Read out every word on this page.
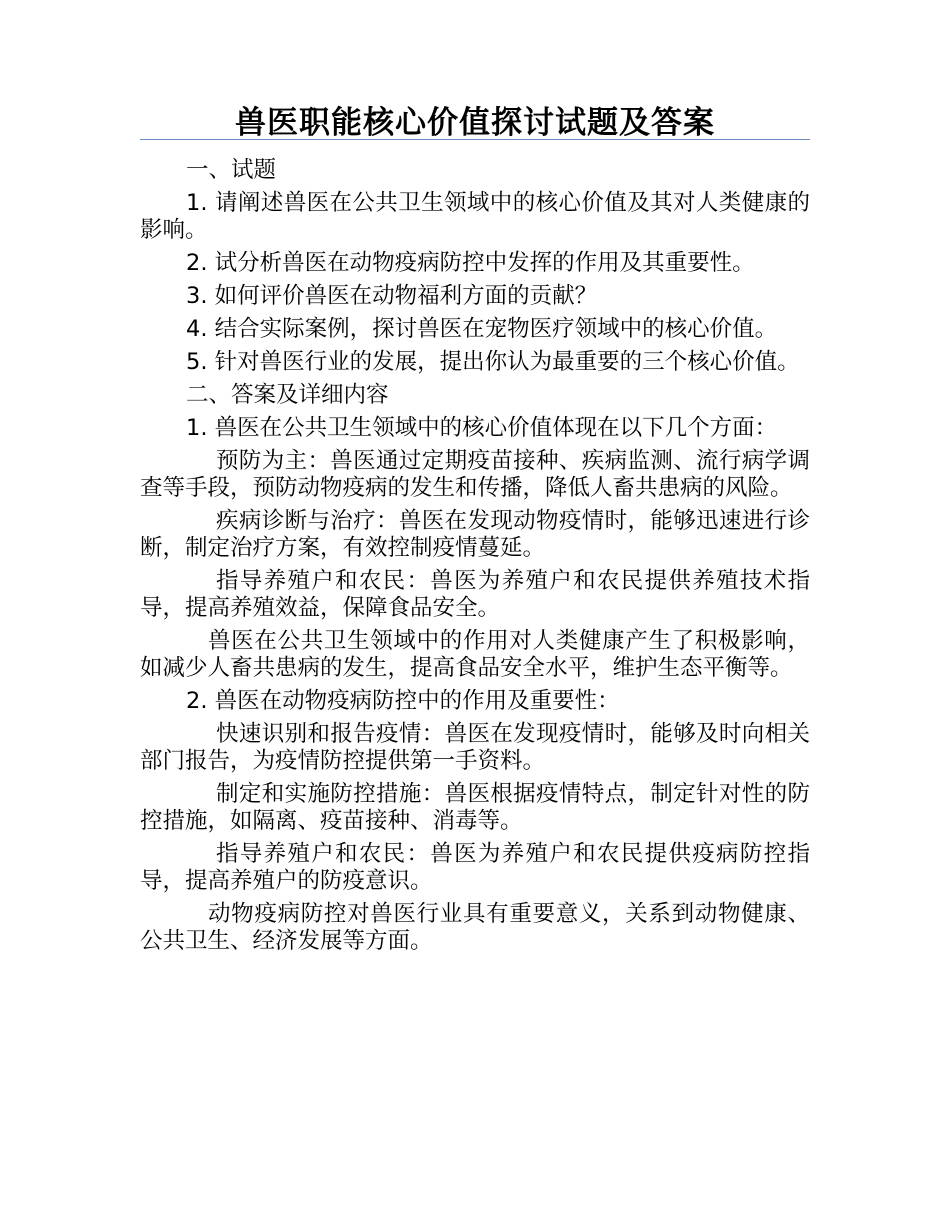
兽医职能核心价值探讨试题及答案

一、试题

1. 请阐述兽医在公共卫生领域中的核心价值及其对人类健康的影响。

2. 试分析兽医在动物疫病防控中发挥的作用及其重要性。

3. 如何评价兽医在动物福利方面的贡献？

4. 结合实际案例，探讨兽医在宠物医疗领域中的核心价值。

5. 针对兽医行业的发展，提出你认为最重要的三个核心价值。

二、答案及详细内容

1. 兽医在公共卫生领域中的核心价值体现在以下几个方面：

预防为主：兽医通过定期疫苗接种、疾病监测、流行病学调查等手段，预防动物疫病的发生和传播，降低人畜共患病的风险。

疾病诊断与治疗：兽医在发现动物疫情时，能够迅速进行诊断，制定治疗方案，有效控制疫情蔓延。

指导养殖户和农民：兽医为养殖户和农民提供养殖技术指导，提高养殖效益，保障食品安全。

兽医在公共卫生领域中的作用对人类健康产生了积极影响，如减少人畜共患病的发生，提高食品安全水平，维护生态平衡等。

2. 兽医在动物疫病防控中的作用及重要性：

快速识别和报告疫情：兽医在发现疫情时，能够及时向相关部门报告，为疫情防控提供第一手资料。

制定和实施防控措施：兽医根据疫情特点，制定针对性的防控措施，如隔离、疫苗接种、消毒等。

指导养殖户和农民：兽医为养殖户和农民提供疫病防控指导，提高养殖户的防疫意识。

动物疫病防控对兽医行业具有重要意义，关系到动物健康、公共卫生、经济发展等方面。
